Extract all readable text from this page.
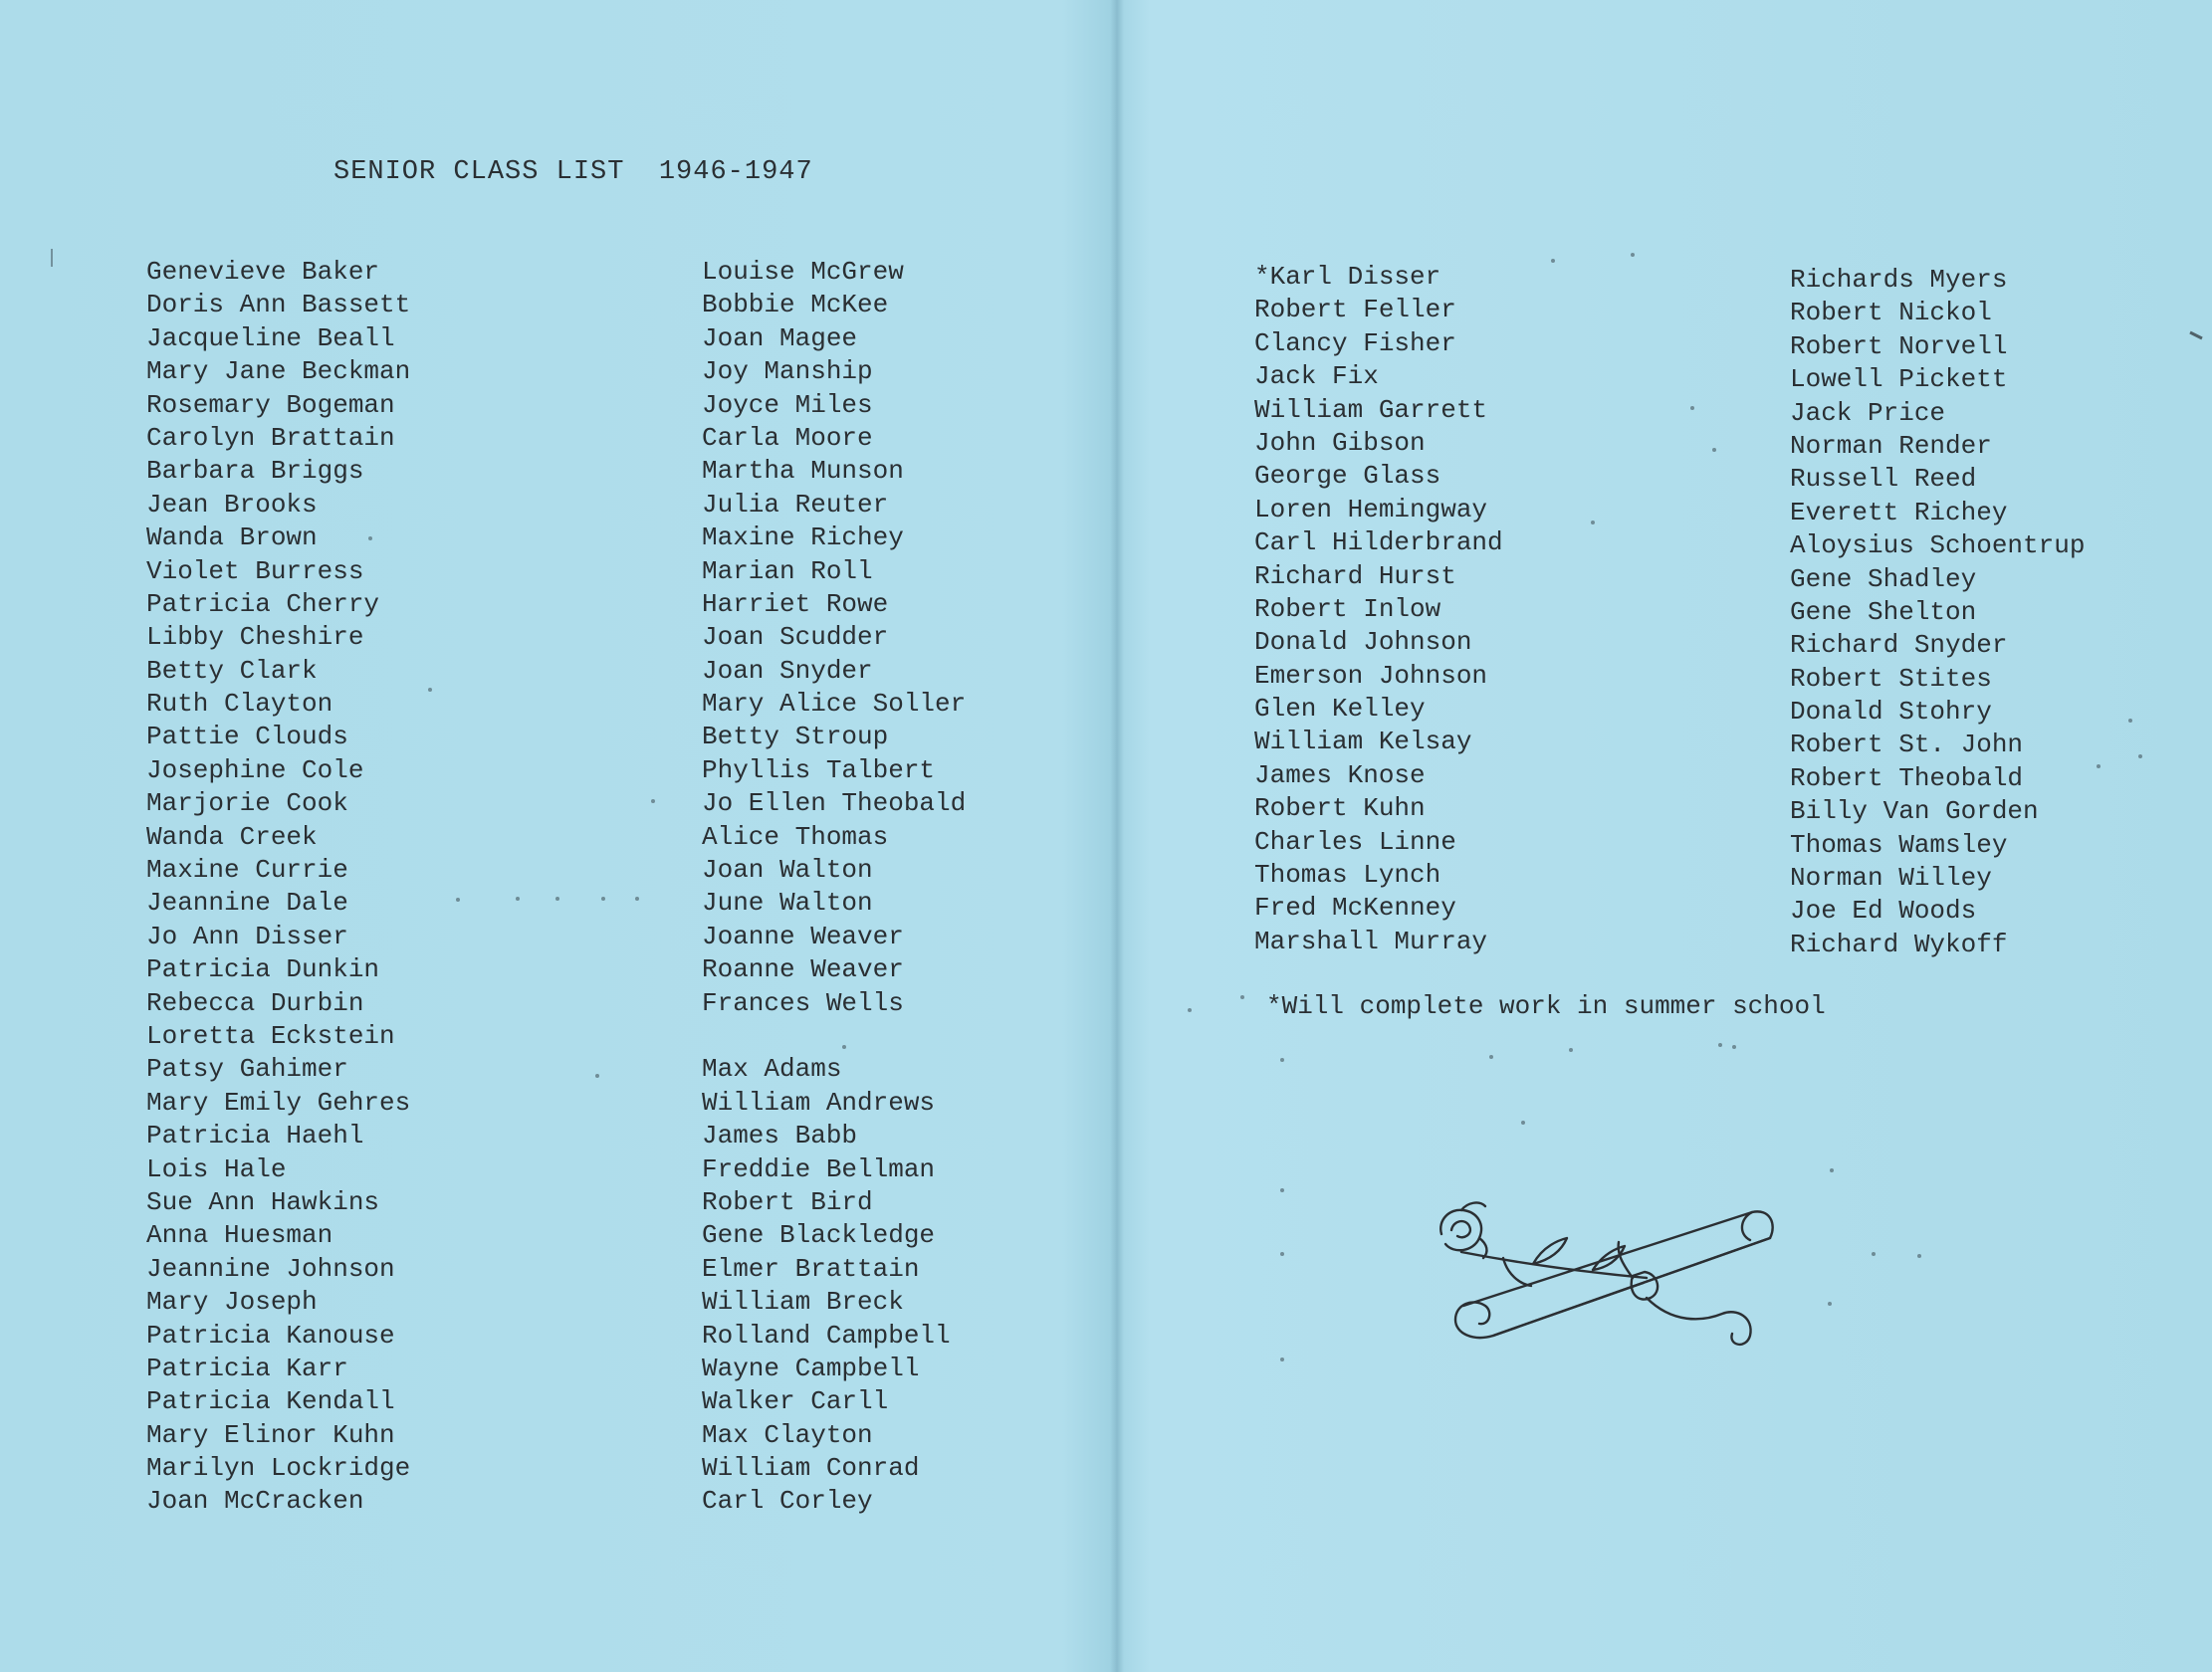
SENIOR CLASS LIST  1946-1947
Genevieve Baker
Doris Ann Bassett
Jacqueline Beall
Mary Jane Beckman
Rosemary Bogeman
Carolyn Brattain
Barbara Briggs
Jean Brooks
Wanda Brown
Violet Burress
Patricia Cherry
Libby Cheshire
Betty Clark
Ruth Clayton
Pattie Clouds
Josephine Cole
Marjorie Cook
Wanda Creek
Maxine Currie
Jeannine Dale
Jo Ann Disser
Patricia Dunkin
Rebecca Durbin
Loretta Eckstein
Patsy Gahimer
Mary Emily Gehres
Patricia Haehl
Lois Hale
Sue Ann Hawkins
Anna Huesman
Jeannine Johnson
Mary Joseph
Patricia Kanouse
Patricia Karr
Patricia Kendall
Mary Elinor Kuhn
Marilyn Lockridge
Joan McCracken
Louise McGrew
Bobbie McKee
Joan Magee
Joy Manship
Joyce Miles
Carla Moore
Martha Munson
Julia Reuter
Maxine Richey
Marian Roll
Harriet Rowe
Joan Scudder
Joan Snyder
Mary Alice Soller
Betty Stroup
Phyllis Talbert
Jo Ellen Theobald
Alice Thomas
Joan Walton
June Walton
Joanne Weaver
Roanne Weaver
Frances Wells
Max Adams
William Andrews
James Babb
Freddie Bellman
Robert Bird
Gene Blackledge
Elmer Brattain
William Breck
Rolland Campbell
Wayne Campbell
Walker Carll
Max Clayton
William Conrad
Carl Corley
*Karl Disser
Robert Feller
Clancy Fisher
Jack Fix
William Garrett
John Gibson
George Glass
Loren Hemingway
Carl Hilderbrand
Richard Hurst
Robert Inlow
Donald Johnson
Emerson Johnson
Glen Kelley
William Kelsay
James Knose
Robert Kuhn
Charles Linne
Thomas Lynch
Fred McKenney
Marshall Murray
Richards Myers
Robert Nickol
Robert Norvell
Lowell Pickett
Jack Price
Norman Render
Russell Reed
Everett Richey
Aloysius Schoentrup
Gene Shadley
Gene Shelton
Richard Snyder
Robert Stites
Donald Stohry
Robert St. John
Robert Theobald
Billy Van Gorden
Thomas Wamsley
Norman Willey
Joe Ed Woods
Richard Wykoff
*Will complete work in summer school
